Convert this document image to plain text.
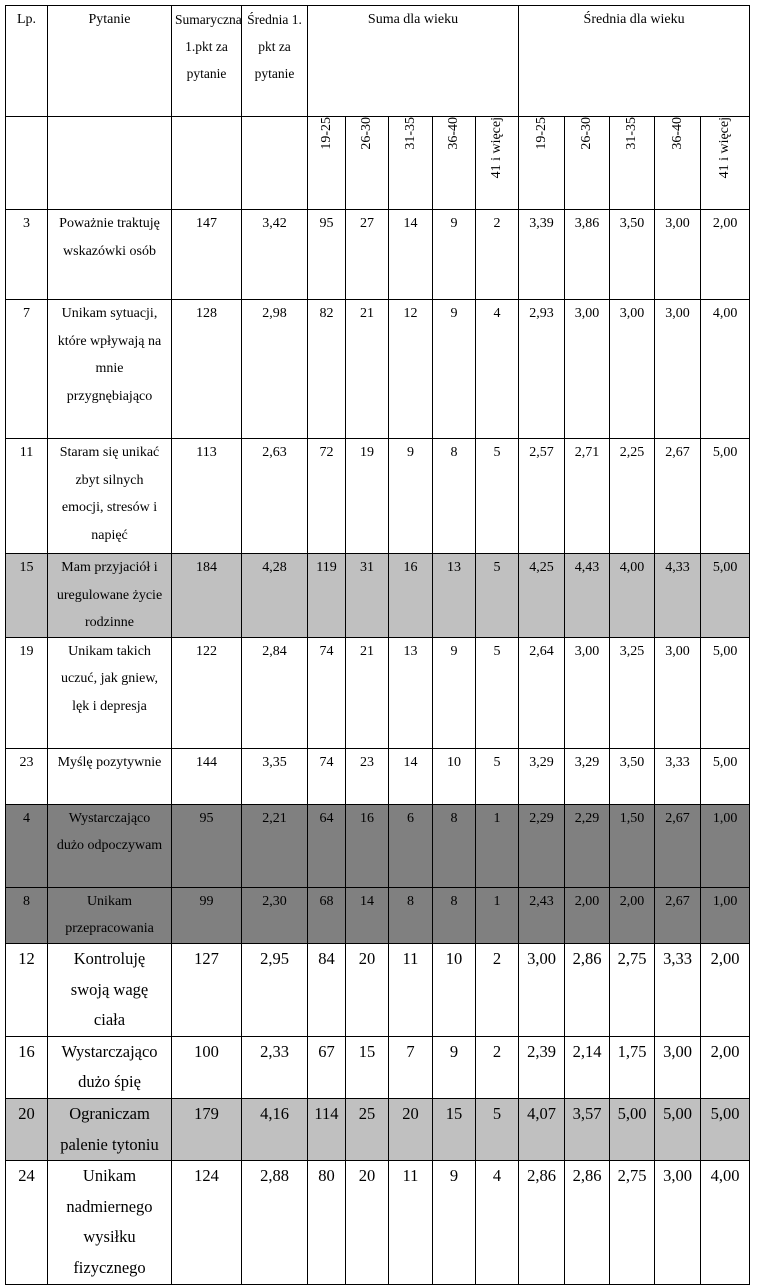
Lp.	Pytanie	Sumaryczna 1.pkt za pytanie	Średnia 1. pkt za pytanie	Suma dla wieku					Średnia dla wieku				
				19-25	26-30	31-35	36-40	41 i więcej	19-25	26-30	31-35	36-40	41 i więcej
3	Poważnie traktuję wskazówki osób	147	3,42	95	27	14	9	2	3,39	3,86	3,50	3,00	2,00
7	Unikam sytuacji, które wpływają na mnie przygnębiająco	128	2,98	82	21	12	9	4	2,93	3,00	3,00	3,00	4,00
11	Staram się unikać zbyt silnych emocji, stresów i napięć	113	2,63	72	19	9	8	5	2,57	2,71	2,25	2,67	5,00
15	Mam przyjaciół i uregulowane życie rodzinne	184	4,28	119	31	16	13	5	4,25	4,43	4,00	4,33	5,00
19	Unikam takich uczuć, jak gniew, lęk i depresja	122	2,84	74	21	13	9	5	2,64	3,00	3,25	3,00	5,00
23	Myślę pozytywnie	144	3,35	74	23	14	10	5	3,29	3,29	3,50	3,33	5,00
4	Wystarczająco dużo odpoczywam	95	2,21	64	16	6	8	1	2,29	2,29	1,50	2,67	1,00
8	Unikam przepracowania	99	2,30	68	14	8	8	1	2,43	2,00	2,00	2,67	1,00
12	Kontroluję swoją wagę ciała	127	2,95	84	20	11	10	2	3,00	2,86	2,75	3,33	2,00
16	Wystarczająco dużo śpię	100	2,33	67	15	7	9	2	2,39	2,14	1,75	3,00	2,00
20	Ograniczam palenie tytoniu	179	4,16	114	25	20	15	5	4,07	3,57	5,00	5,00	5,00
24	Unikam nadmiernego wysiłku fizycznego	124	2,88	80	20	11	9	4	2,86	2,86	2,75	3,00	4,00
